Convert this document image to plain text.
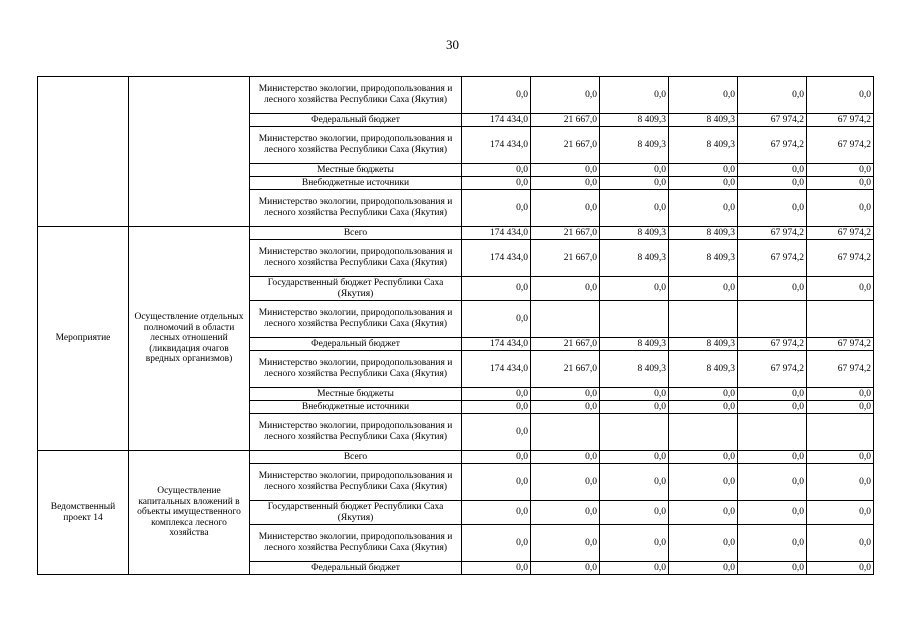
30
		Министерство экологии, природопользования и лесного хозяйства Республики Саха (Якутия)	0,0	0,0	0,0	0,0	0,0	0,0
		Федеральный бюджет	174 434,0	21 667,0	8 409,3	8 409,3	67 974,2	67 974,2
		Министерство экологии, природопользования и лесного хозяйства Республики Саха (Якутия)	174 434,0	21 667,0	8 409,3	8 409,3	67 974,2	67 974,2
		Местные бюджеты	0,0	0,0	0,0	0,0	0,0	0,0
		Внебюджетные источники	0,0	0,0	0,0	0,0	0,0	0,0
		Министерство экологии, природопользования и лесного хозяйства Республики Саха (Якутия)	0,0	0,0	0,0	0,0	0,0	0,0
Мероприятие	Осуществление отдельных полномочий в области лесных отношений (ликвидация очагов вредных организмов)	Всего	174 434,0	21 667,0	8 409,3	8 409,3	67 974,2	67 974,2
		Министерство экологии, природопользования и лесного хозяйства Республики Саха (Якутия)	174 434,0	21 667,0	8 409,3	8 409,3	67 974,2	67 974,2
		Государственный бюджет Республики Саха (Якутия)	0,0	0,0	0,0	0,0	0,0	0,0
		Министерство экологии, природопользования и лесного хозяйства Республики Саха (Якутия)	0,0					
		Федеральный бюджет	174 434,0	21 667,0	8 409,3	8 409,3	67 974,2	67 974,2
		Министерство экологии, природопользования и лесного хозяйства Республики Саха (Якутия)	174 434,0	21 667,0	8 409,3	8 409,3	67 974,2	67 974,2
		Местные бюджеты	0,0	0,0	0,0	0,0	0,0	0,0
		Внебюджетные источники	0,0	0,0	0,0	0,0	0,0	0,0
		Министерство экологии, природопользования и лесного хозяйства Республики Саха (Якутия)	0,0					
Ведомственный проект 14	Осуществление капитальных вложений в объекты имущественного комплекса лесного хозяйства	Всего	0,0	0,0	0,0	0,0	0,0	0,0
		Министерство экологии, природопользования и лесного хозяйства Республики Саха (Якутия)	0,0	0,0	0,0	0,0	0,0	0,0
		Государственный бюджет Республики Саха (Якутия)	0,0	0,0	0,0	0,0	0,0	0,0
		Министерство экологии, природопользования и лесного хозяйства Республики Саха (Якутия)	0,0	0,0	0,0	0,0	0,0	0,0
		Федеральный бюджет	0,0	0,0	0,0	0,0	0,0	0,0
